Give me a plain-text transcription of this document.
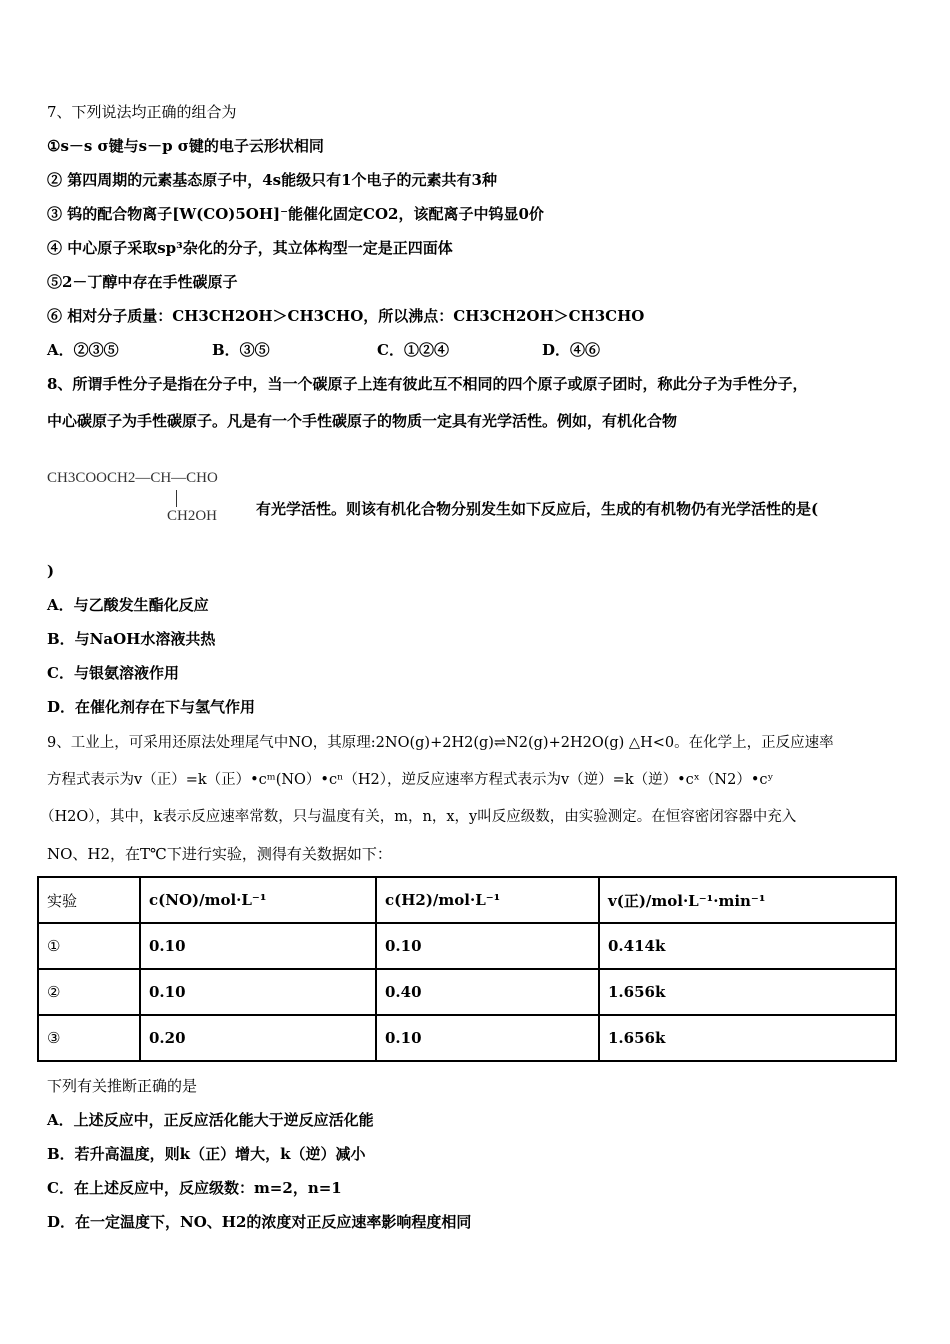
7、下列说法均正确的组合为
①s－s σ键与s－p σ键的电子云形状相同
② 第四周期的元素基态原子中，4s能级只有1个电子的元素共有3种
③ 钨的配合物离子[W(CO)5OH]⁻能催化固定CO2，该配离子中钨显0价
④ 中心原子采取sp³杂化的分子，其立体构型一定是正四面体
⑤2－丁醇中存在手性碳原子
⑥ 相对分子质量：CH3CH2OH＞CH3CHO，所以沸点：CH3CH2OH＞CH3CHO
A．②③⑤	B．③⑤	C．①②④	D．④⑥
8、所谓手性分子是指在分子中，当一个碳原子上连有彼此互不相同的四个原子或原子团时，称此分子为手性分子，
中心碳原子为手性碳原子。凡是有一个手性碳原子的物质一定具有光学活性。例如，有机化合物
CH3COOCH2—CH—CHO
CH2OH	有光学活性。则该有机化合物分别发生如下反应后，生成的有机物仍有光学活性的是(
)
A．与乙酸发生酯化反应
B．与NaOH水溶液共热
C．与银氨溶液作用
D．在催化剂存在下与氢气作用
9、工业上，可采用还原法处理尾气中NO，其原理:2NO(g)+2H2(g)⇌N2(g)+2H2O(g) △H<0。在化学上，正反应速率
方程式表示为v（正）=k（正）•cᵐ(NO）•cⁿ（H2），逆反应速率方程式表示为v（逆）=k（逆）•cˣ（N2）•cʸ
（H2O），其中，k表示反应速率常数，只与温度有关，m，n，x，y叫反应级数，由实验测定。在恒容密闭容器中充入
NO、H2，在T℃下进行实验，测得有关数据如下：
实验	c(NO)/mol·L⁻¹	c(H2)/mol·L⁻¹	v(正)/mol·L⁻¹·min⁻¹
①	0.10	0.10	0.414k
②	0.10	0.40	1.656k
③	0.20	0.10	1.656k
下列有关推断正确的是
A．上述反应中，正反应活化能大于逆反应活化能
B．若升高温度，则k（正）增大，k（逆）减小
C．在上述反应中，反应级数：m=2，n=1
D．在一定温度下，NO、H2的浓度对正反应速率影响程度相同
